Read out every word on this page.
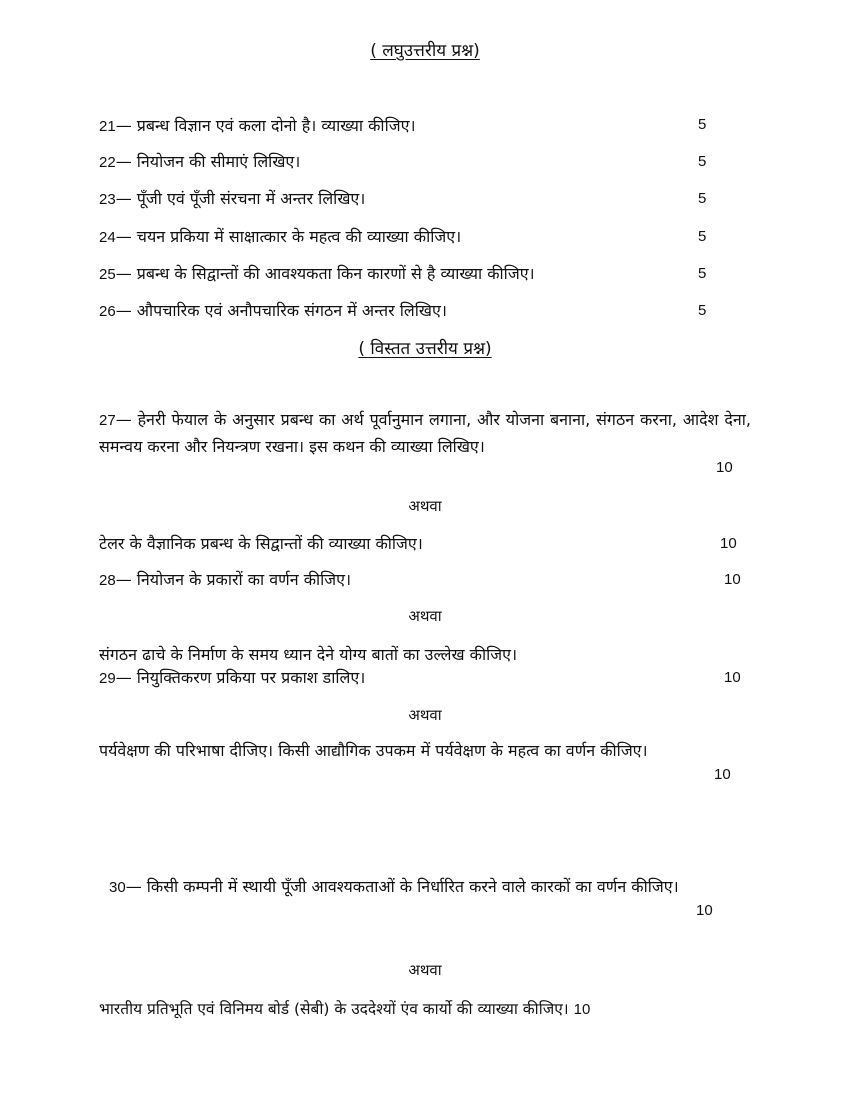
( लघुउत्तरीय प्रश्न)
21— प्रबन्ध विज्ञान एवं कला दोनो है। व्याख्या कीजिए।	5
22— नियोजन की सीमाएं लिखिए।	5
23— पूँजी एवं पूँजी संरचना में अन्तर लिखिए।	5
24— चयन प्रकिया में साक्षात्कार के महत्व की व्याख्या कीजिए।	5
25— प्रबन्ध के सिद्वान्तों की आवश्यकता किन कारणों से है व्याख्या कीजिए।	5
26— औपचारिक एवं अनौपचारिक संगठन में अन्तर लिखिए।	5
( विस्तत उत्तरीय प्रश्न)
27— हेनरी फेयाल के अनुसार प्रबन्ध का अर्थ पूर्वानुमान लगाना, और योजना बनाना, संगठन करना, आदेश देना, समन्वय करना और नियन्त्रण रखना। इस कथन की व्याख्या लिखिए।
10
अथवा
टेलर के वैज्ञानिक प्रबन्ध के सिद्वान्तों की व्याख्या कीजिए।	10
28— नियोजन के प्रकारों का वर्णन कीजिए।	10
अथवा
संगठन ढाचे के निर्माण के समय ध्यान देने योग्य बातों का उल्लेख कीजिए।
29— नियुक्तिकरण प्रकिया पर प्रकाश डालिए।	10
अथवा
पर्यवेक्षण की परिभाषा दीजिए। किसी आद्यौगिक उपकम में पर्यवेक्षण के महत्व का वर्णन कीजिए।
10
30— किसी कम्पनी में स्थायी पूँजी आवश्यकताओं के निर्धारित करने वाले कारकों का वर्णन कीजिए।
10
अथवा
भारतीय प्रतिभूति एवं विनिमय बोर्ड (सेबी) के उददेश्यों एंव कार्यो की व्याख्या कीजिए। 10
